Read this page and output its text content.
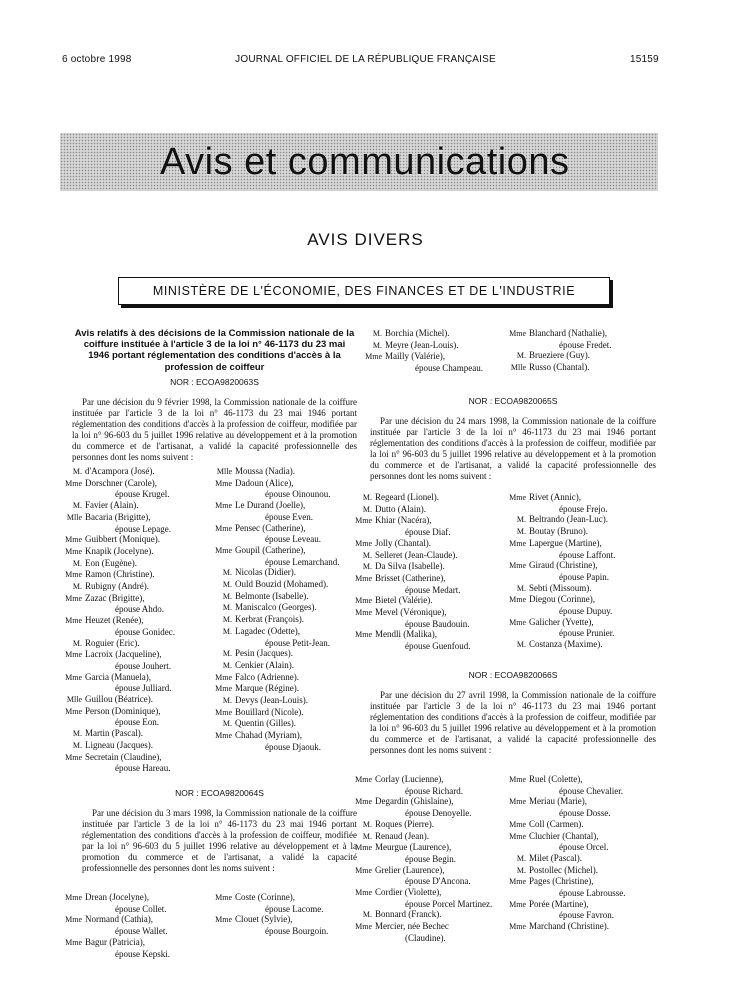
6 octobre 1998	JOURNAL OFFICIEL DE LA RÉPUBLIQUE FRANÇAISE	15159
Avis et communications
AVIS DIVERS
MINISTÈRE DE L'ÉCONOMIE, DES FINANCES ET DE L'INDUSTRIE
Avis relatifs à des décisions de la Commission nationale de la coiffure instituée à l'article 3 de la loi n° 46-1173 du 23 mai 1946 portant réglementation des conditions d'accès à la profession de coiffeur
NOR : ECOA9820063S

Par une décision du 9 février 1998, la Commission nationale de la coiffure instituée par l'article 3 de la loi n° 46-1173 du 23 mai 1946 portant réglementation des conditions d'accès à la profession de coiffeur, modifiée par la loi n° 96-603 du 5 juillet 1996 relative au développement et à la promotion du commerce et de l'artisanat, a validé la capacité professionnelle des personnes dont les noms suivent :

M. d'Acampora (José).
Mme Dorschner (Carole),
épouse Krugel.
M. Favier (Alain).
Mlle Bacaria (Brigitte),
épouse Lepage.
Mme Guibbert (Monique).
Mme Knapik (Jocelyne).
M. Eon (Eugène).
Mme Ramon (Christine).
M. Rubigny (André).
Mme Zazac (Brigitte),
épouse Ahdo.
Mme Heuzet (Renée),
épouse Gonidec.
M. Roguier (Eric).
Mme Lacroix (Jacqueline),
épouse Jouhert.
Mme Garcia (Manuela),
épouse Julliard.
Mlle Guillou (Béatrice).
Mme Person (Dominique),
épouse Eon.
M. Martin (Pascal).
M. Ligneau (Jacques).
Mme Secretain (Claudine),
épouse Hareau.
Mlle Moussa (Nadia).
Mme Dadoun (Alice),
épouse Oinounou.
Mme Le Durand (Joelle),
épouse Even.
Mme Pensec (Catherine),
épouse Leveau.
Mme Goupil (Catherine),
épouse Lemarchand.
M. Nicolas (Didier).
M. Ould Bouzid (Mohamed).
M. Belmonte (Isabelle).
M. Maniscalco (Georges).
M. Kerbrat (François).
M. Lagadec (Odette),
épouse Petit-Jean.
M. Pesin (Jacques).
M. Cenkier (Alain).
Mme Falco (Adrienne).
Mme Marque (Régine).
M. Devys (Jean-Louis).
Mme Bouillard (Nicole).
M. Quentin (Gilles).
Mme Chahad (Myriam),
épouse Djaouk.
NOR : ECOA9820064S

Par une décision du 3 mars 1998, la Commission nationale de la coiffure instituée par l'article 3 de la loi n° 46-1173 du 23 mai 1946 portant réglementation des conditions d'accès à la profession de coiffeur, modifiée par la loi n° 96-603 du 5 juillet 1996 relative au développement et à la promotion du commerce et de l'artisanat, a validé la capacité professionnelle des personnes dont les noms suivent :

Mme Drean (Jocelyne),
épouse Collet.
Mme Normand (Cathia),
épouse Wallet.
Mme Bagur (Patricia),
épouse Kepski.
Mme Coste (Corinne),
épouse Lacome.
Mme Clouet (Sylvie),
épouse Bourgoin.
M. Borchia (Michel).
M. Meyre (Jean-Louis).
Mme Mailly (Valérie),
épouse Champeau.
Mme Blanchard (Nathalie),
épouse Fredet.
M. Brueziere (Guy).
Mlle Russo (Chantal).
NOR : ECOA9820065S

Par une décision du 24 mars 1998, la Commission nationale de la coiffure instituée par l'article 3 de la loi n° 46-1173 du 23 mai 1946 portant réglementation des conditions d'accès à la profession de coiffeur, modifiée par la loi n° 96-603 du 5 juillet 1996 relative au développement et à la promotion du commerce et de l'artisanat, a validé la capacité professionnelle des personnes dont les noms suivent :

M. Regeard (Lionel).
M. Dutto (Alain).
Mme Khiar (Nacéra),
épouse Diaf.
Mme Jolly (Chantal).
M. Selleret (Jean-Claude).
M. Da Silva (Isabelle).
Mme Brisset (Catherine),
épouse Medart.
Mme Bietel (Valérie).
Mme Mevel (Véronique),
épouse Baudouin.
Mme Mendli (Malika),
épouse Guenfoud.
Mme Rivet (Annic),
épouse Frejo.
M. Beltrando (Jean-Luc).
M. Boutay (Bruno).
Mme Lapergue (Martine),
épouse Laffont.
Mme Giraud (Christine),
épouse Papin.
M. Sebti (Missoum).
Mme Diegou (Corinne),
épouse Dupuy.
Mme Galicher (Yvette),
épouse Prunier.
M. Costanza (Maxime).
NOR : ECOA9820066S

Par une décision du 27 avril 1998, la Commission nationale de la coiffure instituée par l'article 3 de la loi n° 46-1173 du 23 mai 1946 portant réglementation des conditions d'accès à la profession de coiffeur, modifiée par la loi n° 96-603 du 5 juillet 1996 relative au développement et à la promotion du commerce et de l'artisanat, a validé la capacité professionnelle des personnes dont les noms suivent :

Mme Corlay (Lucienne),
épouse Richard.
Mme Degardin (Ghislaine),
épouse Denoyelle.
M. Roques (Pierre).
M. Renaud (Jean).
Mme Meurgue (Laurence),
épouse Begin.
Mme Grelier (Laurence),
épouse D'Ancona.
Mme Cordier (Violette),
épouse Porcel Martinez.
M. Bonnard (Franck).
Mme Mercier, née Bechec
(Claudine).
Mme Ruel (Colette),
épouse Chevalier.
Mme Meriau (Marie),
épouse Dosse.
Mme Coll (Carmen).
Mme Cluchier (Chantal),
épouse Orcel.
M. Milet (Pascal).
M. Postollec (Michel).
Mme Pages (Christine),
épouse Labrousse.
Mme Porée (Martine),
épouse Favron.
Mme Marchand (Christine).
